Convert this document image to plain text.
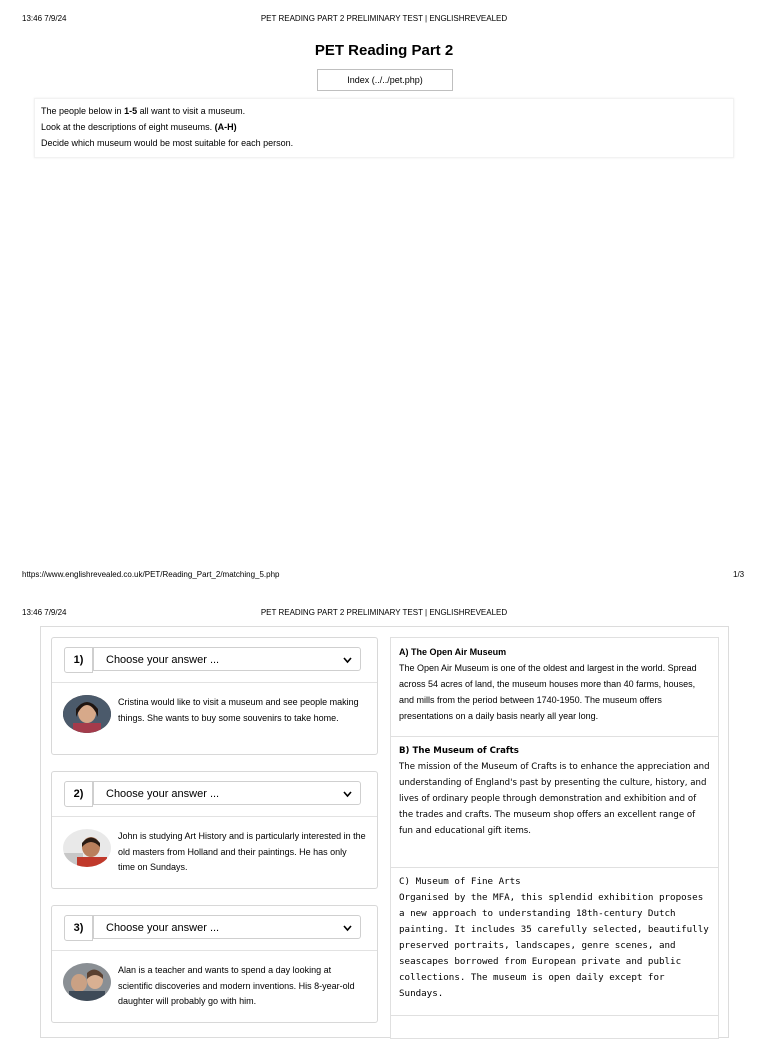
13:46 7/9/24	PET READING PART 2 PRELIMINARY TEST | ENGLISHREVEALED
PET Reading Part 2
Index (../../pet.php)

The people below in 1-5 all want to visit a museum.

Look at the descriptions of eight museums. (A-H)

Decide which museum would be most suitable for each person.

https://www.englishrevealed.co.uk/PET/Reading_Part_2/matching_5.php	1/3
13:46 7/9/24	PET READING PART 2 PRELIMINARY TEST | ENGLISHREVEALED
1)	Choose your answer ...
Cristina would like to visit a museum and see people making things. She wants to buy some souvenirs to take home.
2)	Choose your answer ...
John is studying Art History and is particularly interested in the old masters from Holland and their paintings. He has only time on Sundays.
3)	Choose your answer ...
Alan is a teacher and wants to spend a day looking at scientific discoveries and modern inventions. His 8-year-old daughter will probably go with him.
A) The Open Air Museum
The Open Air Museum is one of the oldest and largest in the world. Spread across 54 acres of land, the museum houses more than 40 farms, houses, and mills from the period between 1740-1950. The museum offers presentations on a daily basis nearly all year long.
B) The Museum of Crafts
The mission of the Museum of Crafts is to enhance the appreciation and understanding of England's past by presenting the culture, history, and lives of ordinary people through demonstration and exhibition and of the trades and crafts. The museum shop offers an excellent range of fun and educational gift items.
C) Museum of Fine Arts
Organised by the MFA, this splendid exhibition proposes a new approach to understanding 18th-century Dutch painting. It includes 35 carefully selected, beautifully preserved portraits, landscapes, genre scenes, and seascapes borrowed from European private and public collections. The museum is open daily except for Sundays.
